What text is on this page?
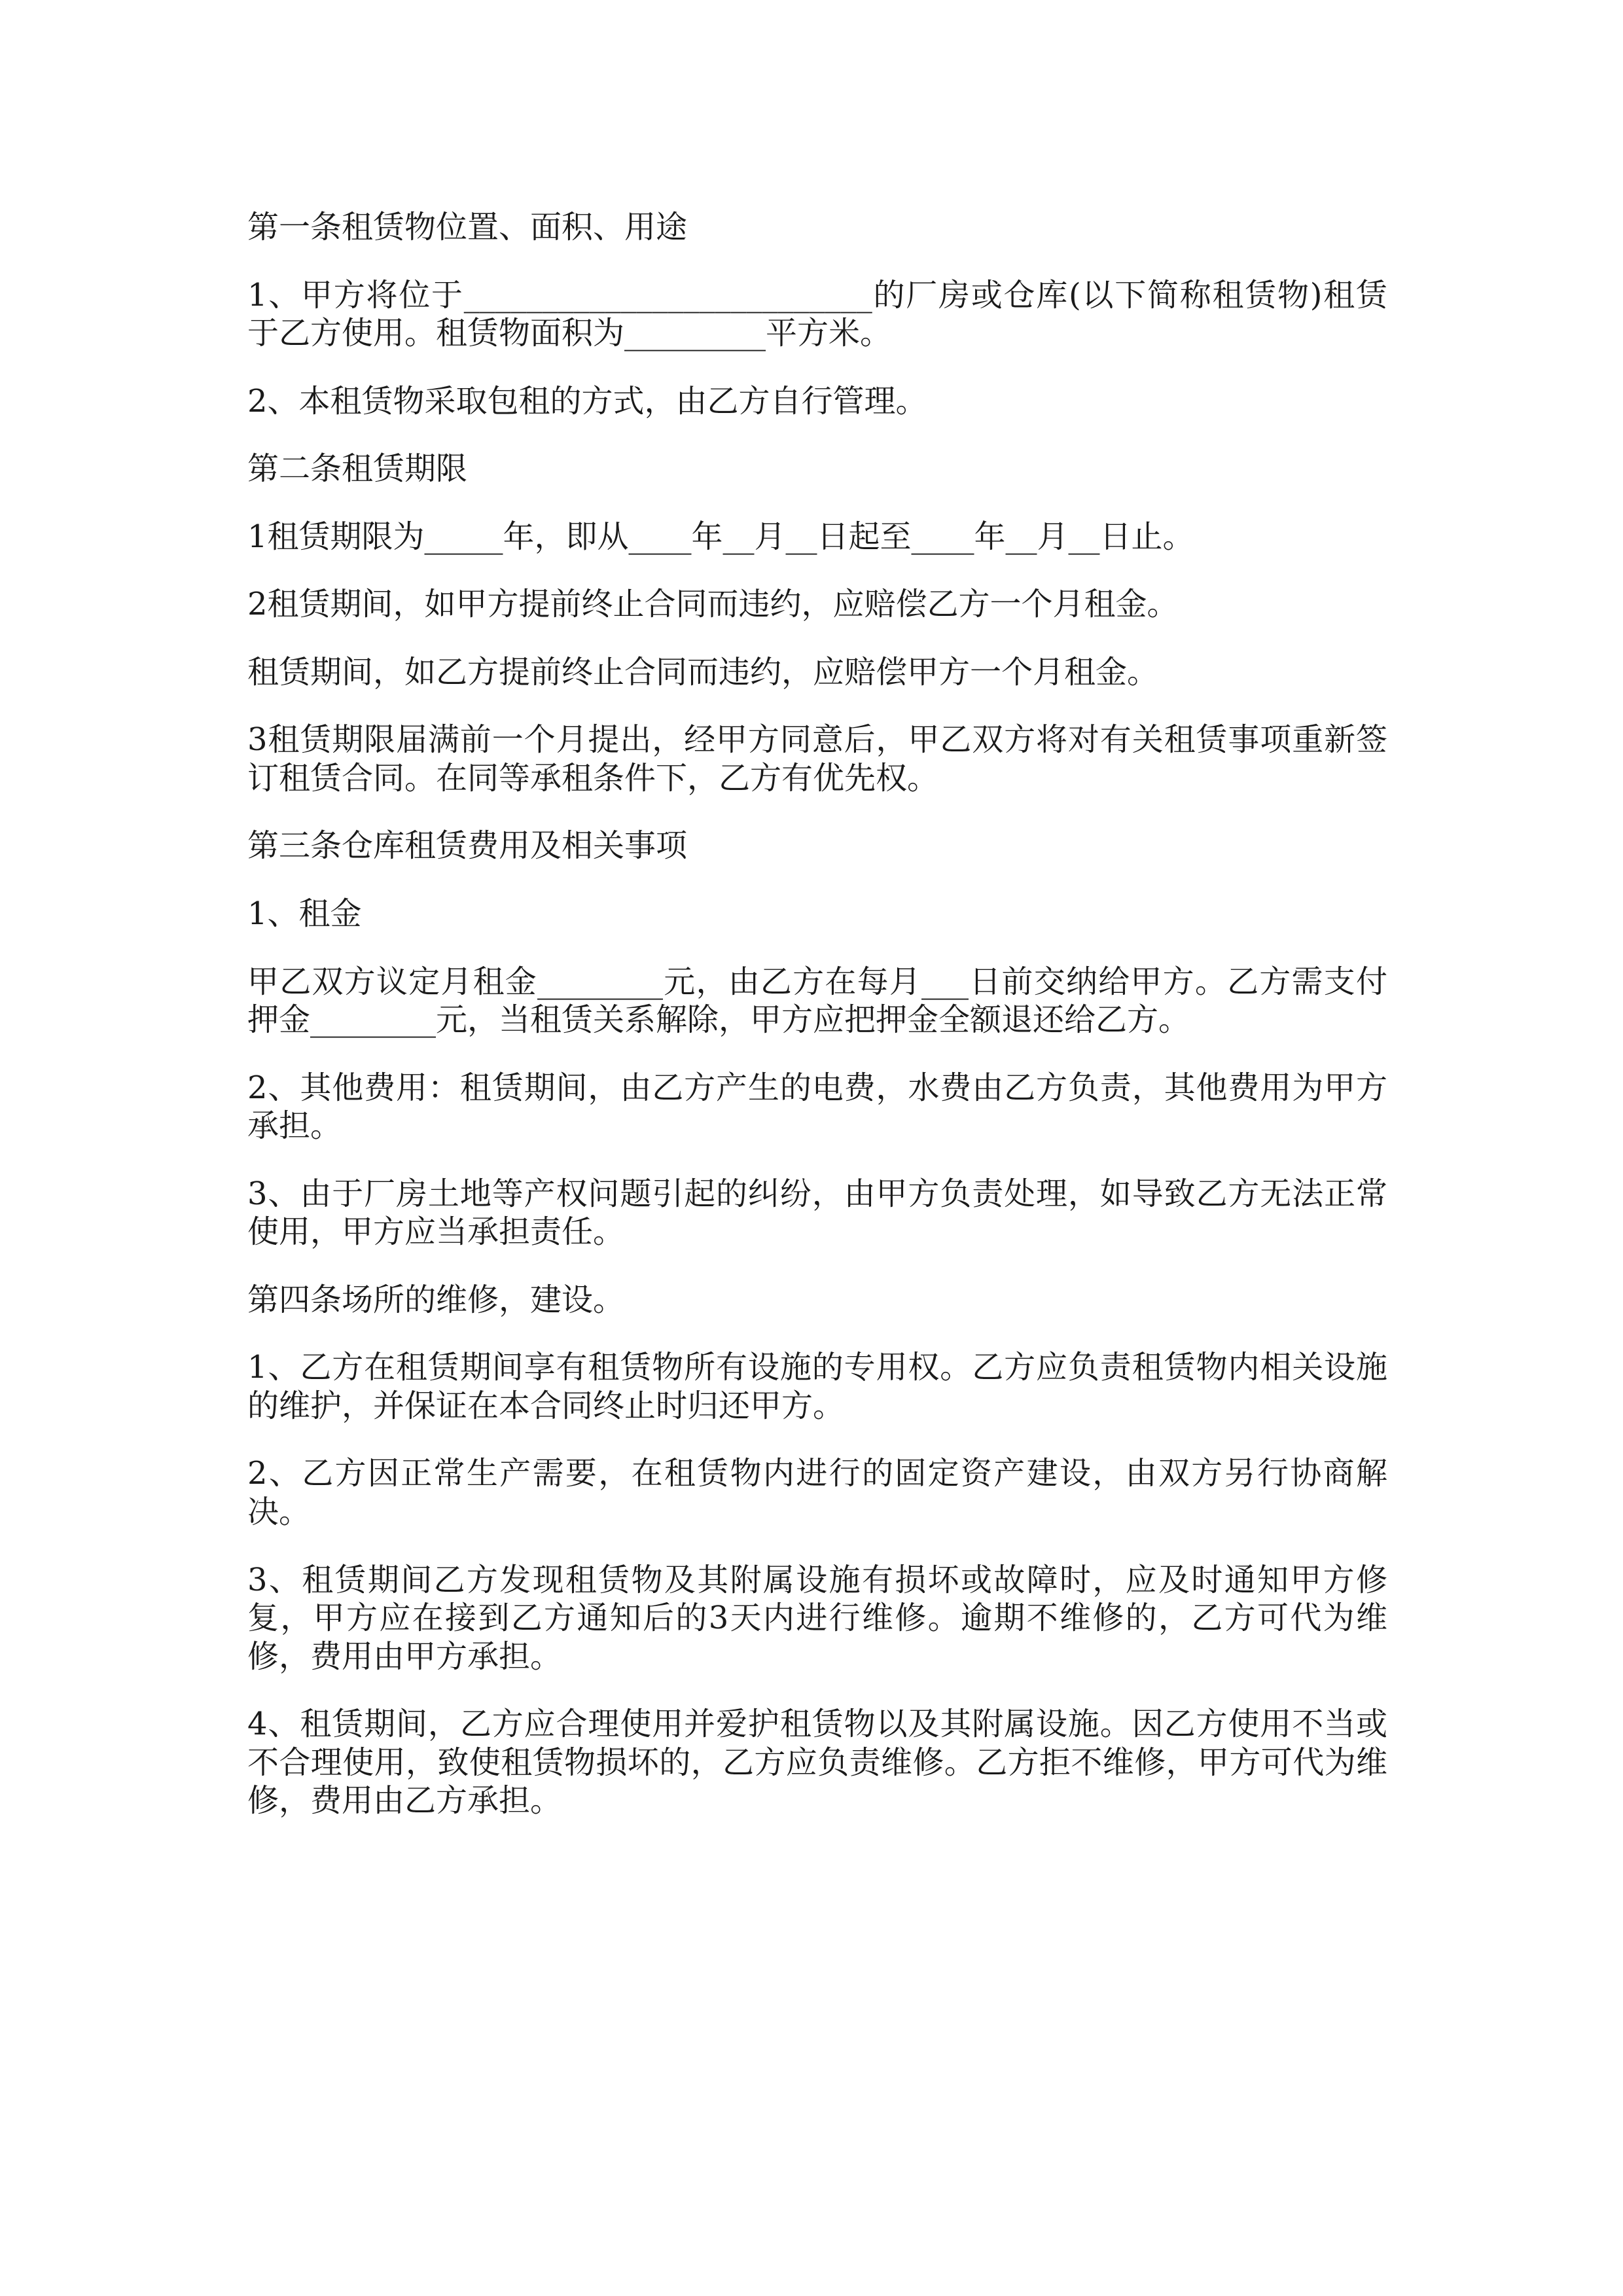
第一条租赁物位置、面积、用途

1、甲方将位于__________________________的厂房或仓库(以下简称租赁物)租赁于乙方使用。租赁物面积为_________平方米。

2、本租赁物采取包租的方式，由乙方自行管理。

第二条租赁期限

1租赁期限为_____年，即从____年__月__日起至____年__月__日止。

2租赁期间，如甲方提前终止合同而违约，应赔偿乙方一个月租金。

租赁期间，如乙方提前终止合同而违约，应赔偿甲方一个月租金。

3租赁期限届满前一个月提出，经甲方同意后，甲乙双方将对有关租赁事项重新签订租赁合同。在同等承租条件下，乙方有优先权。

第三条仓库租赁费用及相关事项

1、租金

甲乙双方议定月租金________元，由乙方在每月___日前交纳给甲方。乙方需支付押金________元，当租赁关系解除，甲方应把押金全额退还给乙方。

2、其他费用：租赁期间，由乙方产生的电费，水费由乙方负责，其他费用为甲方承担。

3、由于厂房土地等产权问题引起的纠纷，由甲方负责处理，如导致乙方无法正常使用，甲方应当承担责任。

第四条场所的维修，建设。

1、乙方在租赁期间享有租赁物所有设施的专用权。乙方应负责租赁物内相关设施的维护，并保证在本合同终止时归还甲方。

2、乙方因正常生产需要，在租赁物内进行的固定资产建设，由双方另行协商解决。

3、租赁期间乙方发现租赁物及其附属设施有损坏或故障时，应及时通知甲方修复，甲方应在接到乙方通知后的3天内进行维修。逾期不维修的，乙方可代为维修，费用由甲方承担。

4、租赁期间，乙方应合理使用并爱护租赁物以及其附属设施。因乙方使用不当或不合理使用，致使租赁物损坏的，乙方应负责维修。乙方拒不维修，甲方可代为维修，费用由乙方承担。
